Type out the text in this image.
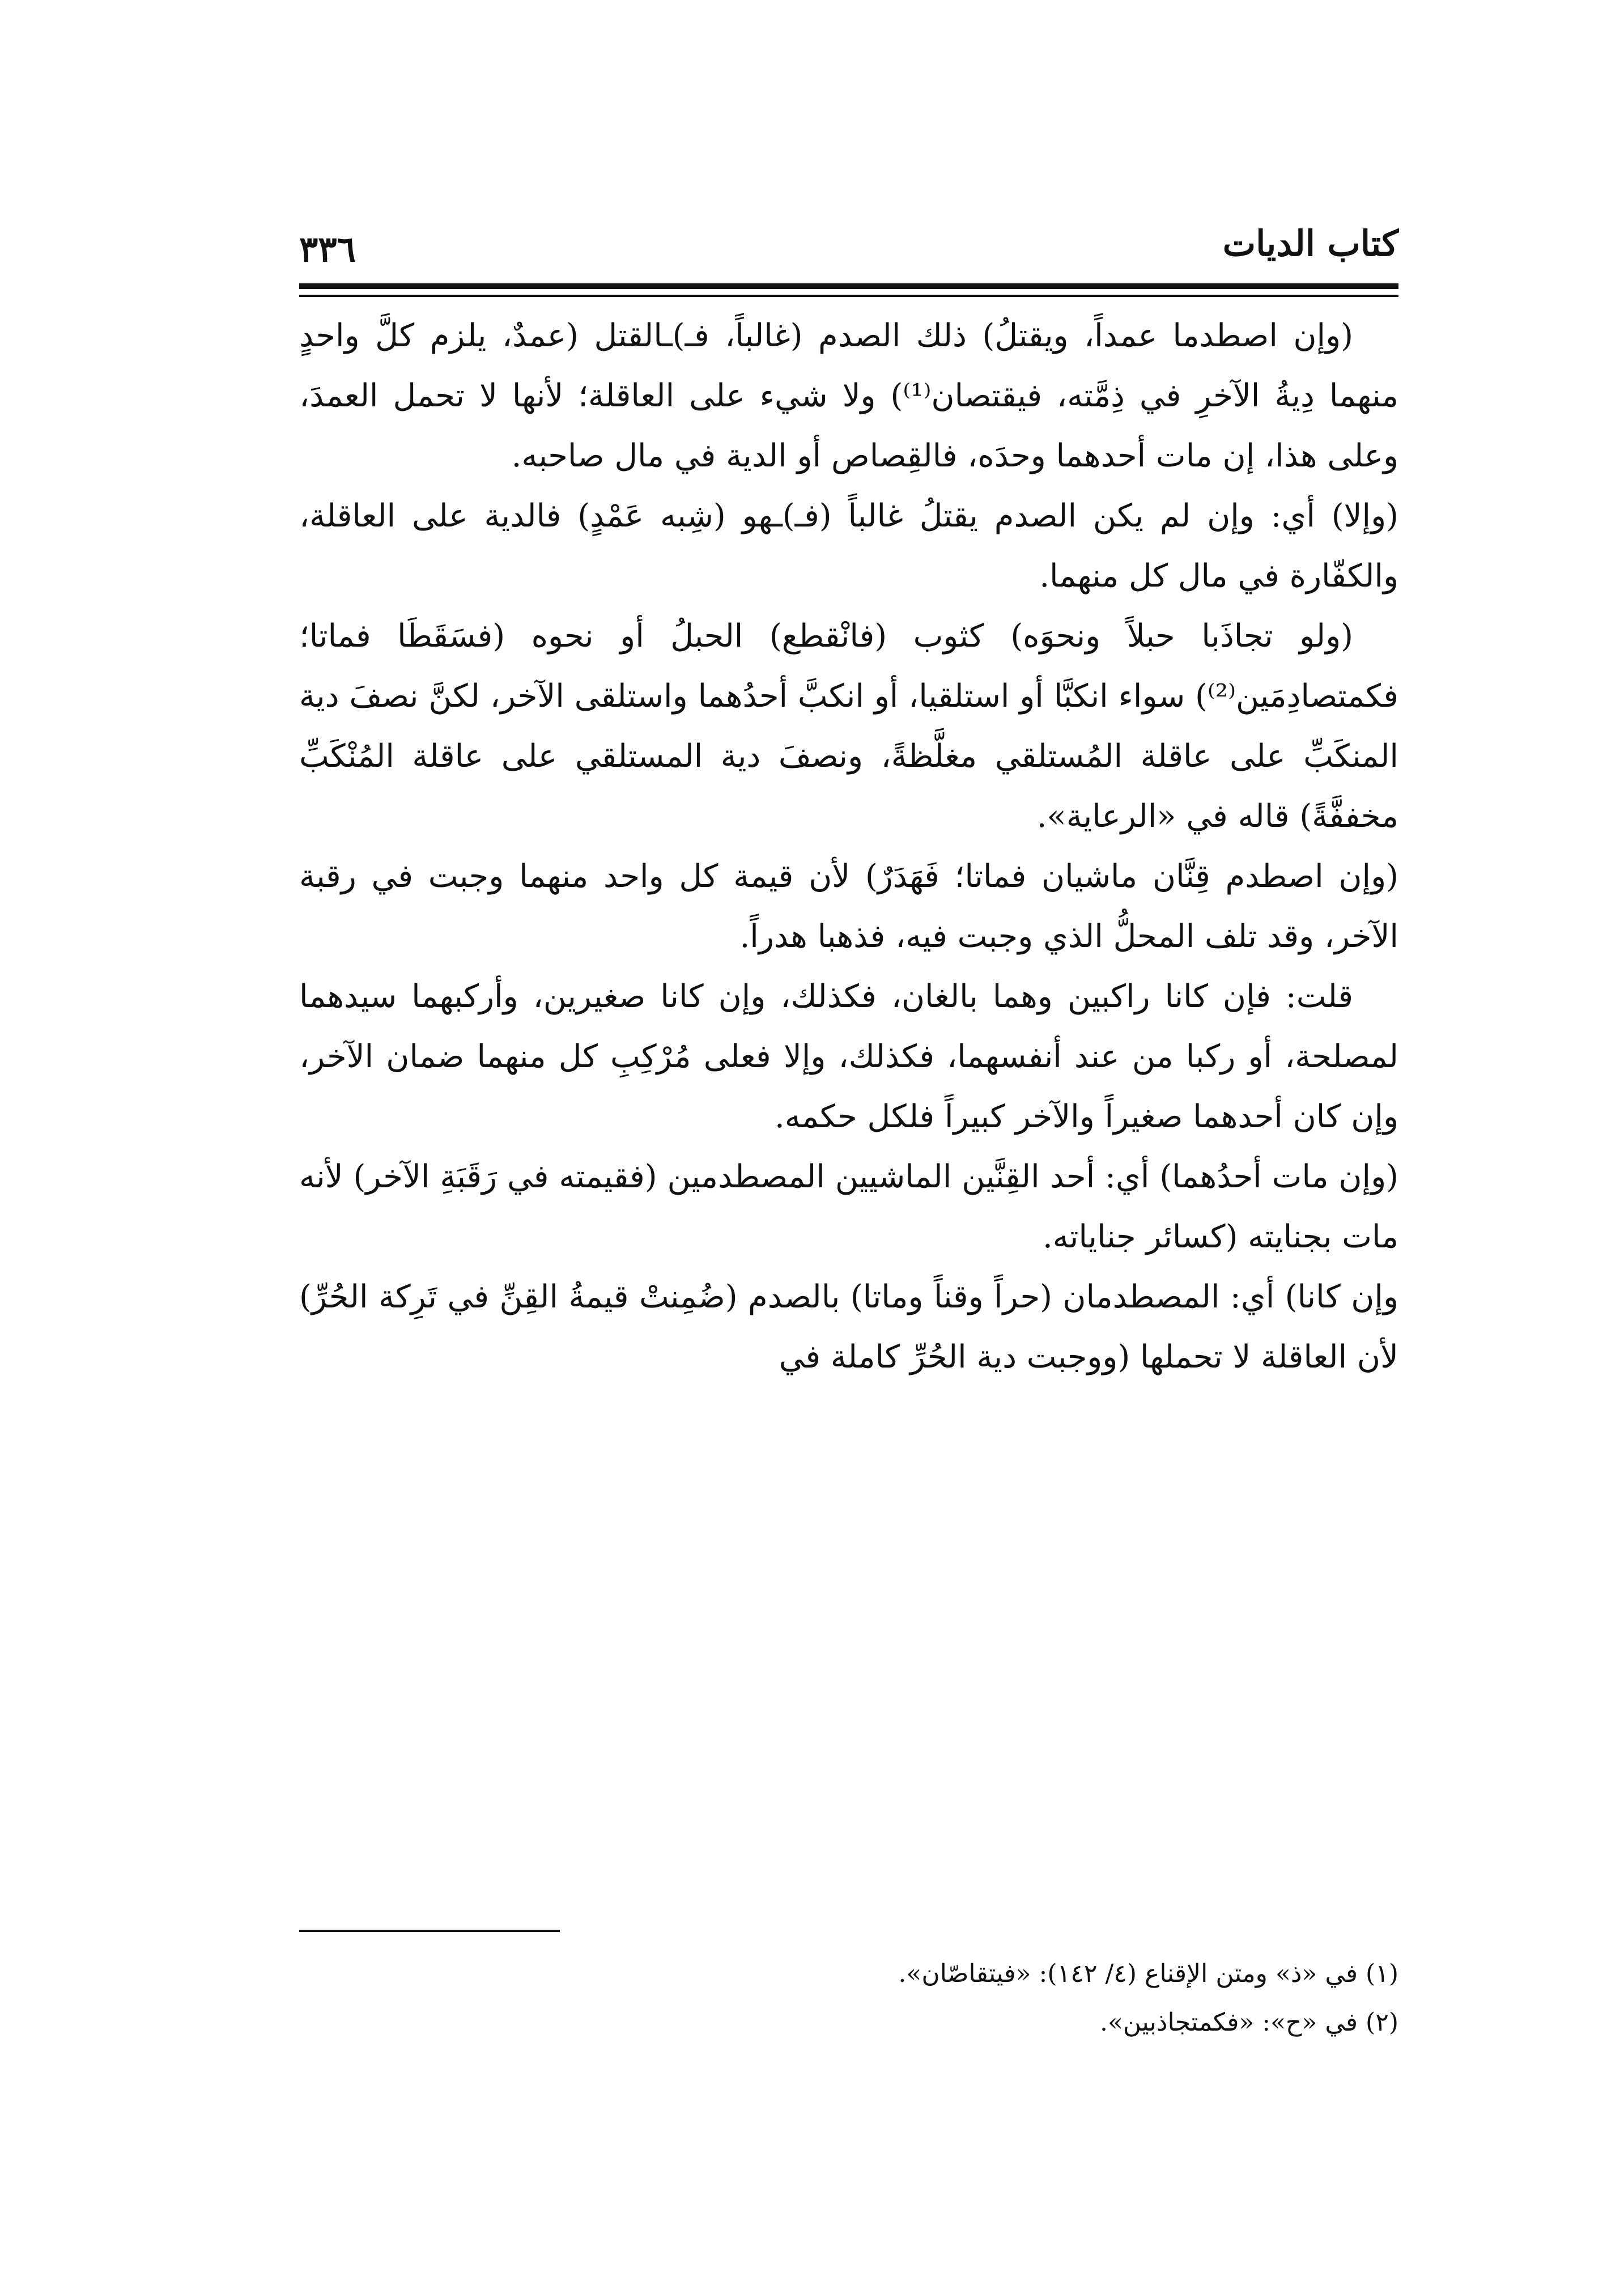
كتاب الديات
٣٣٦

(وإن اصطدما عمداً، ويقتلُ) ذلك الصدم (غالباً، فـ)ـالقتل (عمدٌ، يلزم كلَّ واحدٍ منهما دِيةُ الآخرِ في ذِمَّته، فيقتصان⁽¹⁾) ولا شيء على العاقلة؛ لأنها لا تحمل العمدَ، وعلى هذا، إن مات أحدهما وحدَه، فالقِصاص أو الدية في مال صاحبه.

(وإلا) أي: وإن لم يكن الصدم يقتلُ غالباً (فـ)ـهو (شِبه عَمْدٍ) فالدية على العاقلة، والكفّارة في مال كل منهما.

(ولو تجاذَبا حبلاً ونحوَه) كثوب (فانْقطع) الحبلُ أو نحوه (فسَقَطَا فماتا؛ فكمتصادِمَين⁽²⁾) سواء انكبَّا أو استلقيا، أو انكبَّ أحدُهما واستلقى الآخر، لكنَّ نصفَ دية المنكَبِّ على عاقلة المُستلقي مغلَّظةً، ونصفَ دية المستلقي على عاقلة المُنْكَبِّ مخففَّةً) قاله في «الرعاية».

(وإن اصطدم قِنَّان ماشيان فماتا؛ فَهَدَرٌ) لأن قيمة كل واحد منهما وجبت في رقبة الآخر، وقد تلف المحلُّ الذي وجبت فيه، فذهبا هدراً.

قلت: فإن كانا راكبين وهما بالغان، فكذلك، وإن كانا صغيرين، وأركبهما سيدهما لمصلحة، أو ركبا من عند أنفسهما، فكذلك، وإلا فعلى مُرْكِبِ كل منهما ضمان الآخر، وإن كان أحدهما صغيراً والآخر كبيراً فلكل حكمه.

(وإن مات أحدُهما) أي: أحد القِنَّين الماشيين المصطدمين (فقيمته في رَقَبَةِ الآخر) لأنه مات بجنايته (كسائر جناياته.

وإن كانا) أي: المصطدمان (حراً وقناً وماتا) بالصدم (ضُمِنتْ قيمةُ القِنِّ في تَرِكة الحُرِّ) لأن العاقلة لا تحملها (ووجبت دية الحُرِّ كاملة في

(١) في «ذ» ومتن الإقناع (٤/ ١٤٢): «فيتقاصّان».

(٢) في «ح»: «فكمتجاذبين».
